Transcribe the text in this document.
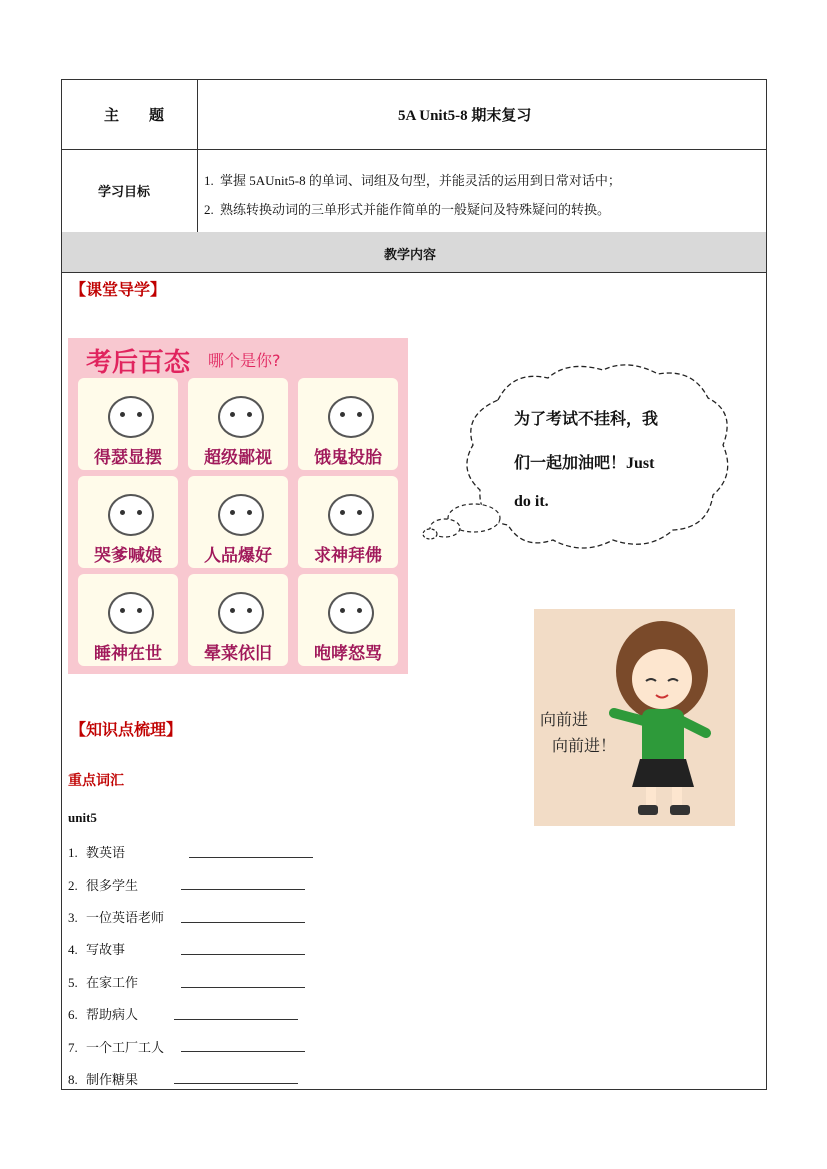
主　　题	5A Unit5-8 期末复习
学习目标
1. 掌握 5AUnit5-8 的单词、词组及句型，并能灵活的运用到日常对话中；
2. 熟练转换动词的三单形式并能作简单的一般疑问及特殊疑问的转换。
教学内容
【课堂导学】
考后百态 哪个是你?
得瑟显摆	超级鄙视	饿鬼投胎
哭爹喊娘	人品爆好	求神拜佛
睡神在世	晕菜依旧	咆哮怒骂
为了考试不挂科，我
们一起加油吧！Just
do it.
向前进
向前进！
【知识点梳理】
重点词汇
unit5
1. 教英语
2. 很多学生
3. 一位英语老师
4. 写故事
5. 在家工作
6. 帮助病人
7. 一个工厂工人
8. 制作糖果
